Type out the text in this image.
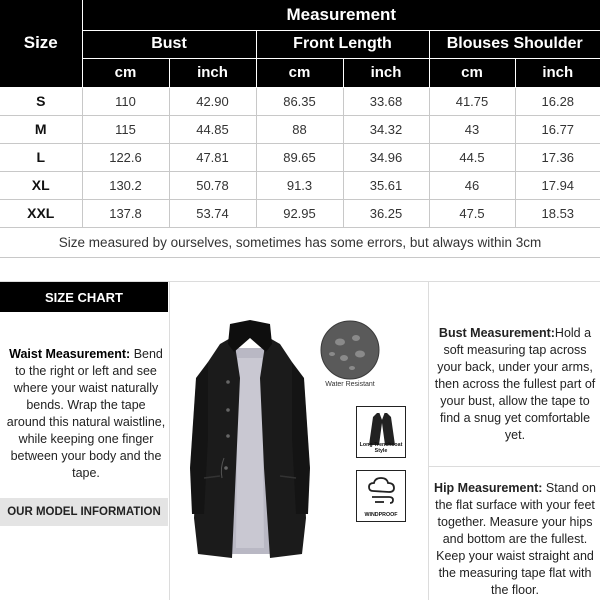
Size	Measurement					
	Bust		Front Length		Blouses Shoulder	
	cm	inch	cm	inch	cm	inch
S	110	42.90	86.35	33.68	41.75	16.28
M	115	44.85	88	34.32	43	16.77
L	122.6	47.81	89.65	34.96	44.5	17.36
XL	130.2	50.78	91.3	35.61	46	17.94
XXL	137.8	53.74	92.95	36.25	47.5	18.53
Size measured by ourselves, sometimes has some errors, but always within 3cm						
SIZE CHART
Waist Measurement: Bend to the right or left and see where your waist naturally bends. Wrap the tape around this natural waistline, while keeping one finger between your body and the tape.
OUR MODEL INFORMATION
Bust Measurement:Hold a soft measuring tap across your back, under your arms, then across the fullest part of your bust, allow the tape to find a snug yet comfortable yet.
Hip Measurement: Stand on the flat surface with your feet together. Measure your hips and bottom are the fullest. Keep your waist straight and the measuring tape flat with the floor.
Water Resistant
Long Trenchcoat Style
WINDPROOF
